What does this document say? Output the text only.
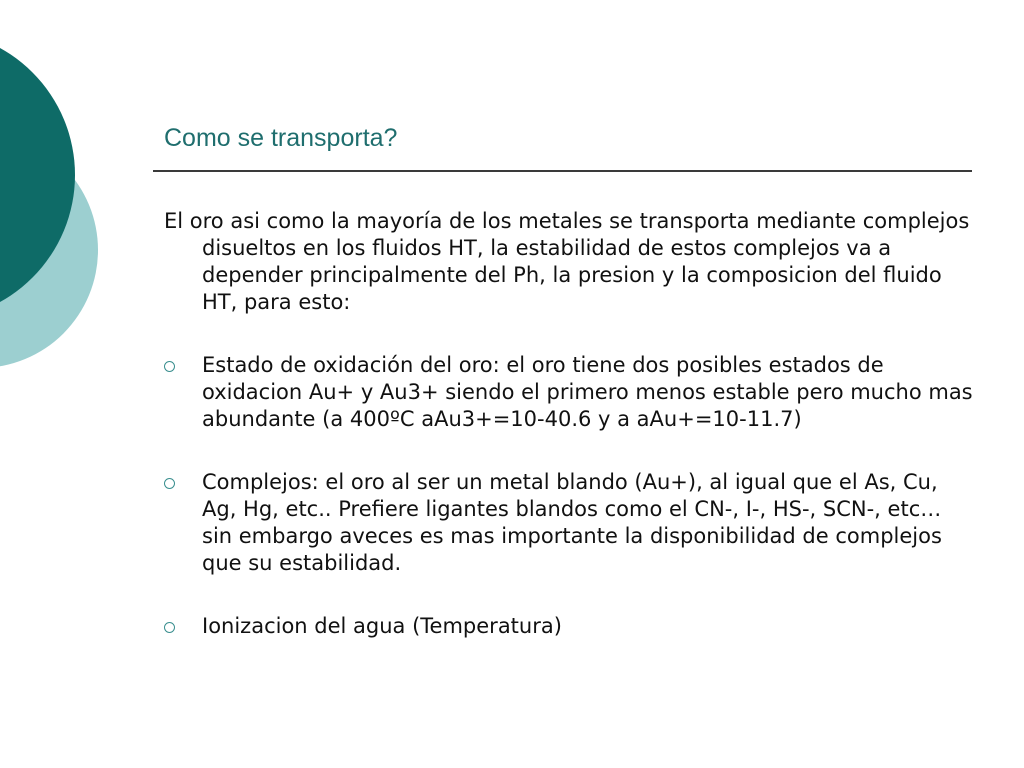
Como se transporta?

El oro asi como la mayoría de los metales se transporta mediante complejos disueltos en los fluidos HT, la estabilidad de estos complejos va a depender principalmente del Ph, la presion y la composicion del fluido HT, para esto:

Estado de oxidación del oro: el oro tiene dos posibles estados de oxidacion Au+ y Au3+ siendo el primero menos estable pero mucho mas abundante (a 400ºC aAu3+=10-40.6 y a aAu+=10-11.7)
Complejos: el oro al ser un metal blando (Au+), al igual que el As, Cu, Ag, Hg, etc.. Prefiere ligantes blandos como el CN-, I-, HS-, SCN-, etc… sin embargo aveces es mas importante la disponibilidad de complejos que su estabilidad.
Ionizacion del agua (Temperatura)
